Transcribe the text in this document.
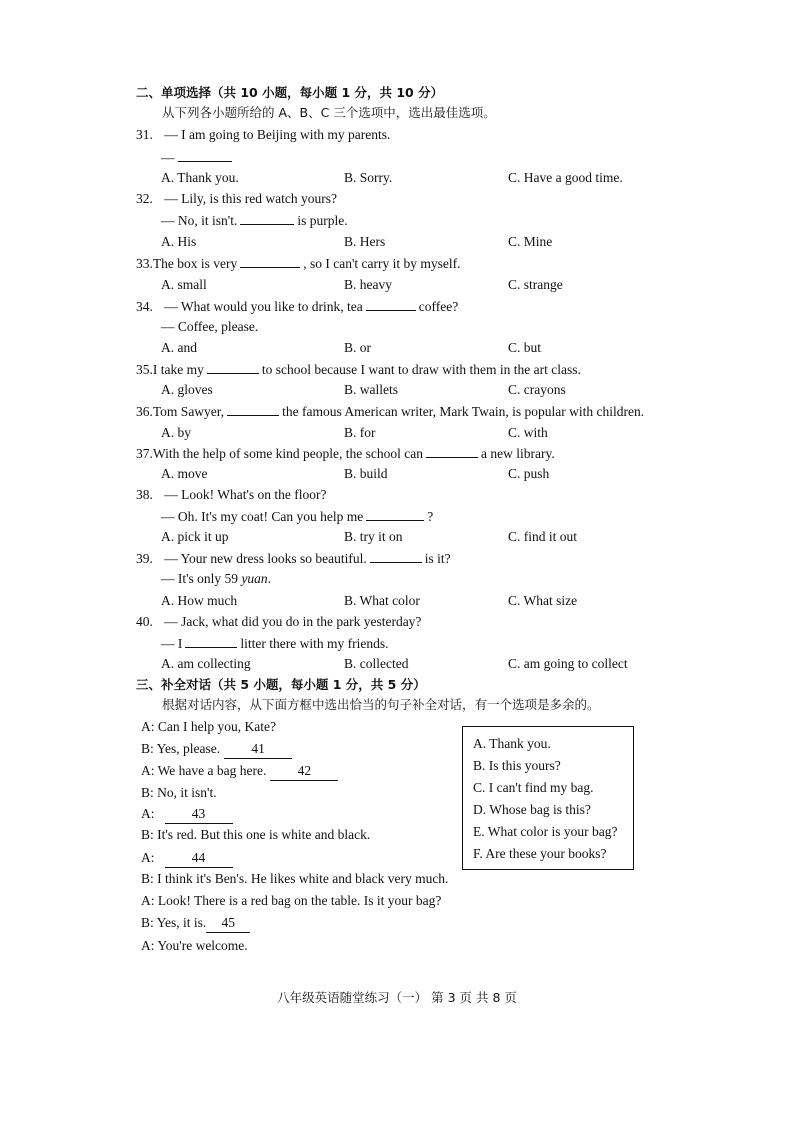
二、单项选择（共 10 小题，每小题 1 分，共 10 分）
从下列各小题所给的 A、B、C 三个选项中，选出最佳选项。
31. — I am going to Beijing with my parents.
—
A. Thank you.	B. Sorry.	C. Have a good time.
32. — Lily, is this red watch yours?
— No, it isn't.	is purple.
A. His	B. Hers	C. Mine
33.The box is very	, so I can't carry it by myself.
A. small	B. heavy	C. strange
34. — What would you like to drink, tea	coffee?
— Coffee, please.
A. and	B. or	C. but
35.I take my	to school because I want to draw with them in the art class.
A. gloves	B. wallets	C. crayons
36.Tom Sawyer,	the famous American writer, Mark Twain, is popular with children.
A. by	B. for	C. with
37.With the help of some kind people, the school can	a new library.
A. move	B. build	C. push
38. — Look! What's on the floor?
— Oh. It's my coat! Can you help me	?
A. pick it up	B. try it on	C. find it out
39. — Your new dress looks so beautiful.	is it?
— It's only 59 yuan.
A. How much	B. What color	C. What size
40. — Jack, what did you do in the park yesterday?
— I	litter there with my friends.
A. am collecting	B. collected	C. am going to collect
三、补全对话（共 5 小题，每小题 1 分，共 5 分）
根据对话内容，从下面方框中选出恰当的句子补全对话，有一个选项是多余的。
A: Can I help you, Kate?
B: Yes, please. 41
A: We have a bag here. 42
B: No, it isn't.
A:	43
B: It's red. But this one is white and black.
A:	44
B: I think it's Ben's. He likes white and black very much.
A: Look! There is a red bag on the table. Is it your bag?
B: Yes, it is. 45
A: You're welcome.
A. Thank you.
B. Is this yours?
C. I can't find my bag.
D. Whose bag is this?
E. What color is your bag?
F. Are these your books?
八年级英语随堂练习（一） 第 3 页 共 8 页
